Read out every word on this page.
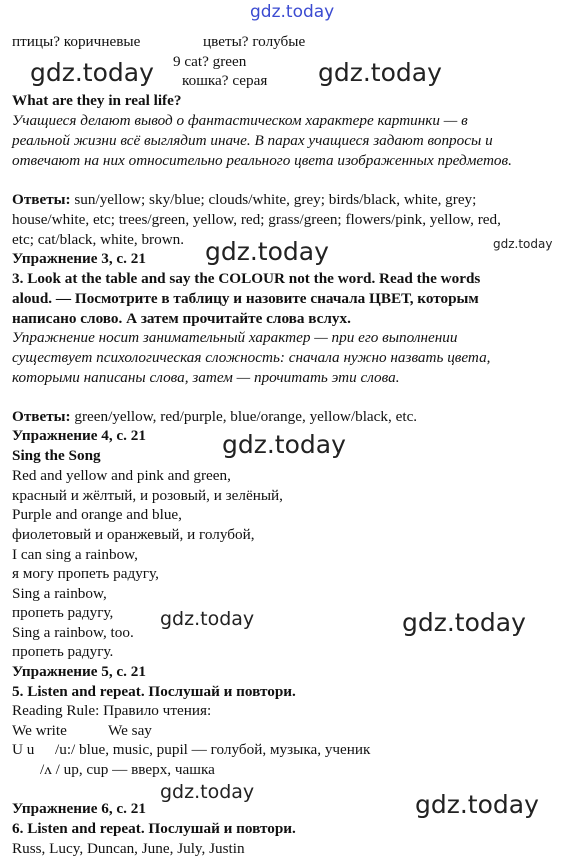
gdz.today
gdz.today	gdz.today
gdz.today	gdz.today
gdz.today
gdz.today	gdz.today
gdz.today	gdz.today
птицы? коричневые	цветы? голубые
9 cat? green
кошка? серая
What are they in real life?
Учащиеся делают вывод о фантастическом характере картинки — в
реальной жизни всё выглядит иначе. В парах учащиеся задают вопросы и
отвечают на них относительно реального цвета изображенных предметов.
Ответы: sun/yellow; sky/blue; clouds/white, grey; birds/black, white, grey;
house/white, etc; trees/green, yellow, red; grass/green; flowers/pink, yellow, red,
etc; cat/black, white, brown.
Упражнение 3, с. 21
3. Look at the table and say the COLOUR not the word. Read the words
aloud. — Посмотрите в таблицу и назовите сначала ЦВЕТ, которым
написано слово. А затем прочитайте слова вслух.
Упражнение носит занимательный характер — при его выполнении
существует психологическая сложность: сначала нужно назвать цвета,
которыми написаны слова, затем — прочитать эти слова.
Ответы: green/yellow, red/purple, blue/orange, yellow/black, etc.
Упражнение 4, с. 21
Sing the Song
Red and yellow and pink and green,
красный и жёлтый, и розовый, и зелёный,
Purple and orange and blue,
фиолетовый и оранжевый, и голубой,
I can sing a rainbow,
я могу пропеть радугу,
Sing a rainbow,
пропеть радугу,
Sing a rainbow, too.
пропеть радугу.
Упражнение 5, с. 21
5. Listen and repeat. Послушай и повтори.
Reading Rule: Правило чтения:
We write	We say
U u /u:/ blue, music, pupil — голубой, музыка, ученик
/ʌ / up, cup — вверх, чашка
Упражнение 6, с. 21
6. Listen and repeat. Послушай и повтори.
Russ, Lucy, Duncan, June, July, Justin
